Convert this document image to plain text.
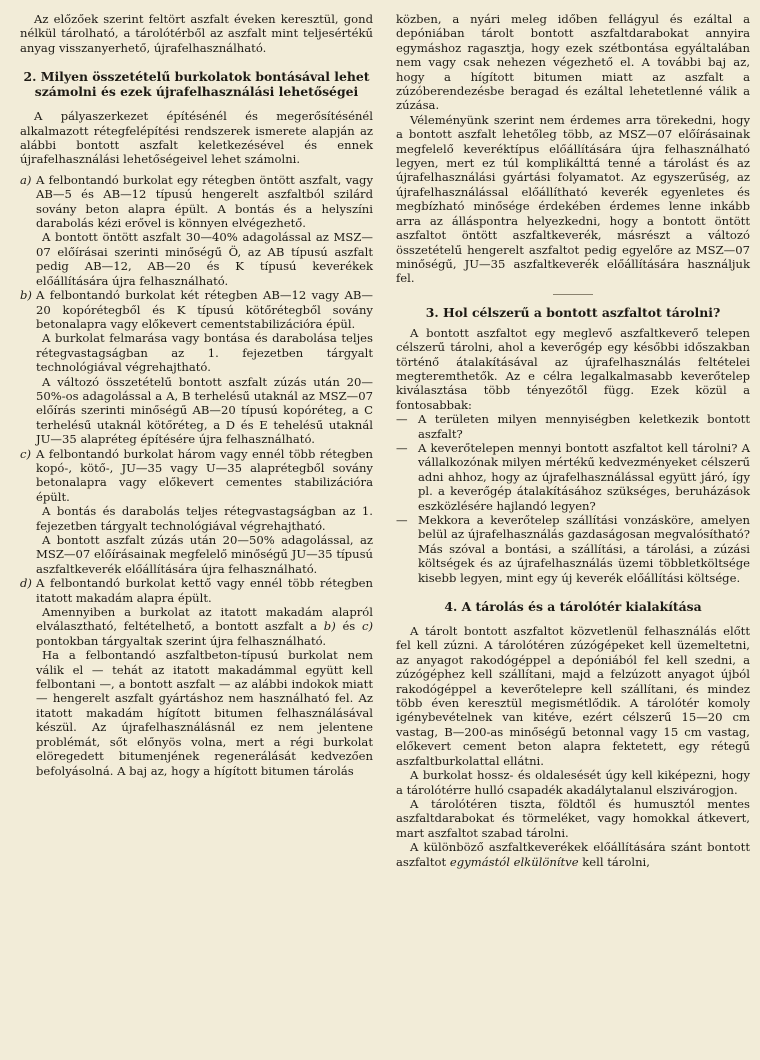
Az előzőek szerint feltört aszfalt éveken keresztül, gond nélkül tárolható, a tárolótérből az aszfalt mint teljesértékű anyag visszanyerhető, újrafelhasználható.

2. Milyen összetételű burkolatok bontásával lehet számolni és ezek újrafelhasználási lehetőségei

A pályaszerkezet építésénél és megerősítésénél alkalmazott rétegfelépítési rendszerek ismerete alapján az alábbi bontott aszfalt keletkezésével és ennek újrafelhasználási lehetőségeivel lehet számolni.

a) A felbontandó burkolat egy rétegben öntött aszfalt, vagy AB—5 és AB—12 típusú hengerelt aszfaltból szilárd sovány beton alapra épült. A bontás és a helyszíni darabolás kézi erővel is könnyen elvégezhető.

A bontott öntött aszfalt 30—40% adagolással az MSZ—07 előírásai szerinti minőségű Ö, az AB típusú aszfalt pedig AB—12, AB—20 és K típusú keverékek előállítására újra felhasználható.

b) A felbontandó burkolat két rétegben AB—12 vagy AB—20 kopórétegből és K típusú kötőrétegből sovány betonalapra vagy előkevert cementstabilizációra épül.

A burkolat felmarása vagy bontása és darabolása teljes rétegvastagságban az 1. fejezetben tárgyalt technológiával végrehajtható.

A változó összetételű bontott aszfalt zúzás után 20—50%-os adagolással a A, B terhelésű utaknál az MSZ—07 előírás szerinti minőségű AB—20 típusú kopóréteg, a C terhelésű utaknál kötőréteg, a D és E tehelésű utaknál JU—35 alapréteg építésére újra felhasználható.

c) A felbontandó burkolat három vagy ennél több rétegben kopó-, kötő-, JU—35 vagy U—35 alaprétegből sovány betonalapra vagy előkevert cementes stabilizációra épült.

A bontás és darabolás teljes rétegvastagságban az 1. fejezetben tárgyalt technológiával végrehajtható.

A bontott aszfalt zúzás után 20—50% adagolással, az MSZ—07 előírásainak megfelelő minőségű JU—35 típusú aszfaltkeverék előállítására újra felhasználható.

d) A felbontandó burkolat kettő vagy ennél több rétegben itatott makadám alapra épült.

Amennyiben a burkolat az itatott makadám alapról elválasztható, feltételhető, a bontott aszfalt a b) és c) pontokban tárgyaltak szerint újra felhasználható.

Ha a felbontandó aszfaltbeton-típusú burkolat nem válik el — tehát az itatott makadámmal együtt kell felbontani —, a bontott aszfalt — az alábbi indokok miatt — hengerelt aszfalt gyártáshoz nem használható fel. Az itatott makadám hígított bitumen felhasználásával készül. Az újrafelhasználásnál ez nem jelentene problémát, sőt előnyös volna, mert a régi burkolat elöregedett bitumenjének regenerálását kedvezően befolyásolná. A baj az, hogy a hígított bitumen tárolás

közben, a nyári meleg időben fellágyul és ezáltal a depóniában tárolt bontott aszfaltdarabokat annyira egymáshoz ragasztja, hogy ezek szétbontása egyáltalában nem vagy csak nehezen végezhető el. A további baj az, hogy a hígított bitumen miatt az aszfalt a zúzóberendezésbe beragad és ezáltal lehetetlenné válik a zúzása.

Véleményünk szerint nem érdemes arra törekedni, hogy a bontott aszfalt lehetőleg több, az MSZ—07 előírásainak megfelelő keveréktípus előállítására újra felhasználható legyen, mert ez túl komplikálttá tenné a tárolást és az újrafelhasználási gyártási folyamatot. Az egyszerűség, az újrafelhasználással előállítható keverék egyenletes és megbízható minősége érdekében érdemes lenne inkább arra az álláspontra helyezkedni, hogy a bontott öntött aszfaltot öntött aszfaltkeverék, másrészt a változó összetételű hengerelt aszfaltot pedig egyelőre az MSZ—07 minőségű, JU—35 aszfaltkeverék előállítására használjuk fel.

3. Hol célszerű a bontott aszfaltot tárolni?

A bontott aszfaltot egy meglevő aszfaltkeverő telepen célszerű tárolni, ahol a keverőgép egy későbbi időszakban történő átalakításával az újrafelhasználás feltételei megteremthetők. Az e célra legalkalmasabb keverőtelep kiválasztása több tényezőtől függ. Ezek közül a fontosabbak:

— A területen milyen mennyiségben keletkezik bontott aszfalt?

— A keverőtelepen mennyi bontott aszfaltot kell tárolni? A vállalkozónak milyen mértékű kedvezményeket célszerű adni ahhoz, hogy az újrafelhasználással együtt járó, így pl. a keverőgép átalakításához szükséges, beruházások eszközlésére hajlandó legyen?

— Mekkora a keverőtelep szállítási vonzásköre, amelyen belül az újrafelhasználás gazdaságosan megvalósítható? Más szóval a bontási, a szállítási, a tárolási, a zúzási költségek és az újrafelhasználás üzemi többletköltsége kisebb legyen, mint egy új keverék előállítási költsége.

4. A tárolás és a tárolótér kialakítása

A tárolt bontott aszfaltot közvetlenül felhasználás előtt fel kell zúzni. A tárolótéren zúzógépeket kell üzemeltetni, az anyagot rakodógéppel a depóniából fel kell szedni, a zúzógéphez kell szállítani, majd a felzúzott anyagot újból rakodógéppel a keverőtelepre kell szállítani, és mindez több éven keresztül megismétlődik. A tárolótér komoly igénybevételnek van kitéve, ezért célszerű 15—20 cm vastag, B—200-as minőségű betonnal vagy 15 cm vastag, előkevert cement beton alapra fektetett, egy rétegű aszfaltburkolattal ellátni.

A burkolat hossz- és oldalesését úgy kell kiképezni, hogy a tárolótérre hulló csapadék akadálytalanul elszivárogjon.

A tárolótéren tiszta, földtől és humusztól mentes aszfaltdarabokat és törmeléket, vagy homokkal átkevert, mart aszfaltot szabad tárolni.

A különböző aszfaltkeverékek előállítására szánt bontott aszfaltot egymástól elkülönítve kell tárolni,
